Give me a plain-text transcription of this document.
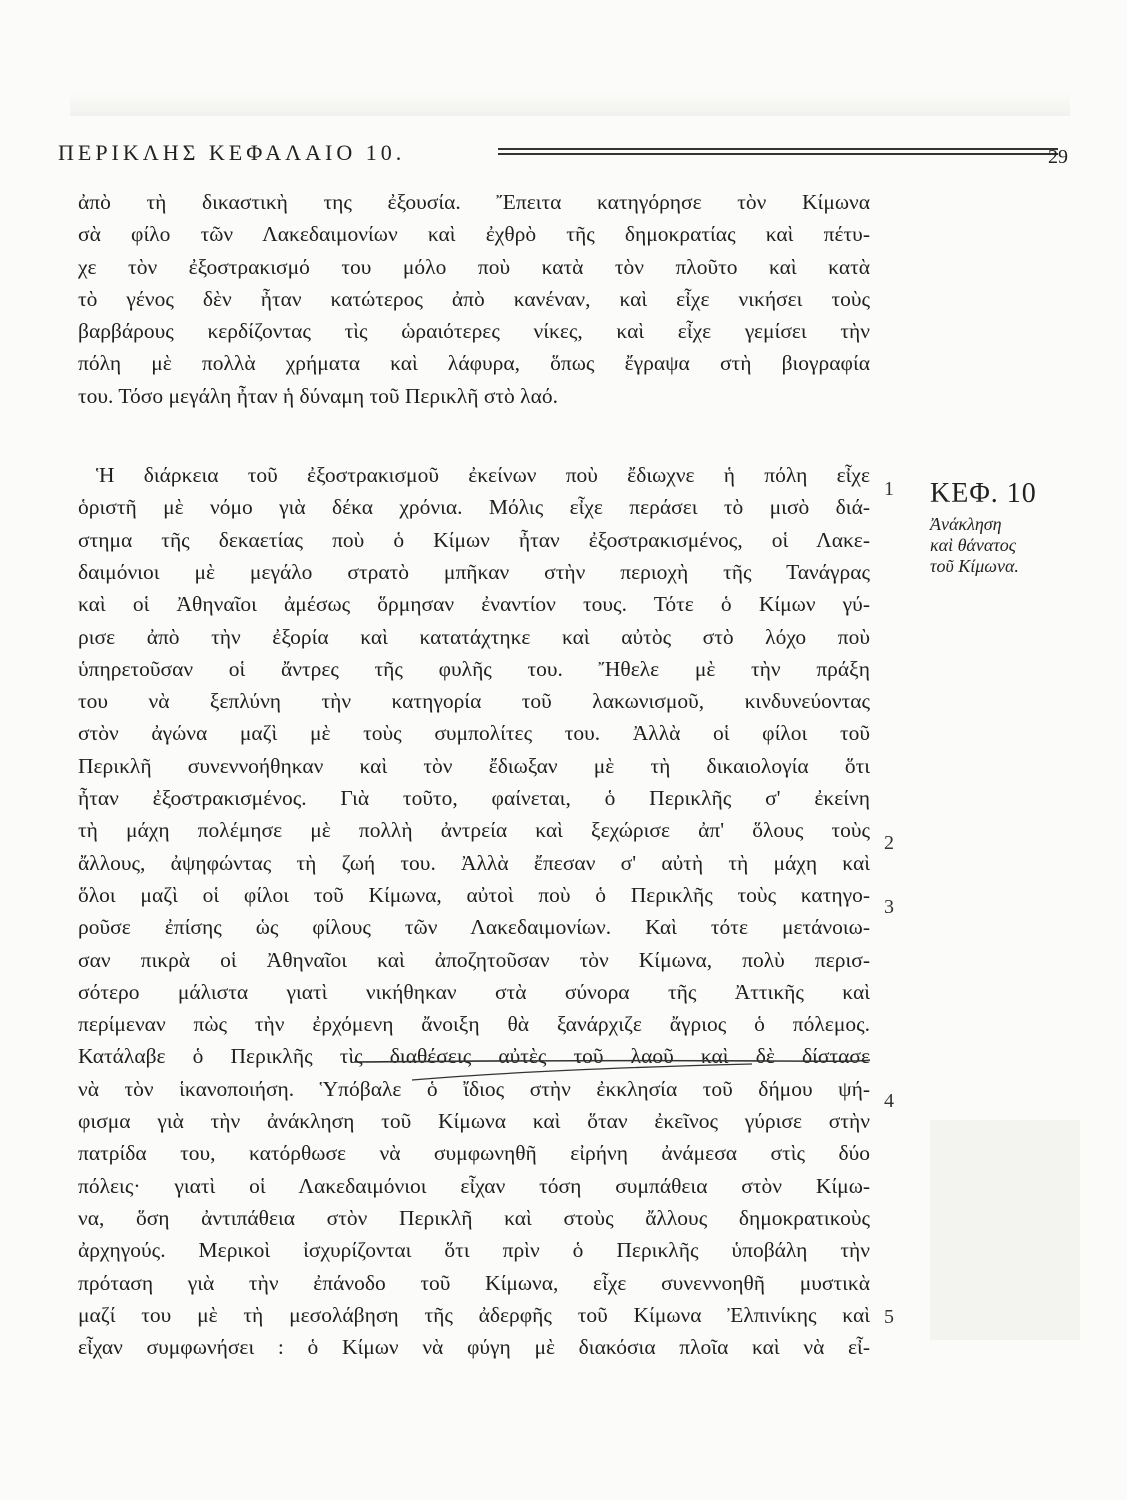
ΠΕΡΙΚΛΗΣ ΚΕΦΑΛΑΙΟ 10.	29
ἀπὸ τὴ δικαστικὴ της ἐξουσία. Ἔπειτα κατηγόρησε τὸν Κίμωνα
σὰ φίλο τῶν Λακεδαιμονίων καὶ ἐχθρὸ τῆς δημοκρατίας καὶ πέτυ-
χε τὸν ἐξοστρακισμό του μόλο ποὺ κατὰ τὸν πλοῦτο καὶ κατὰ
τὸ γένος δὲν ἦταν κατώτερος ἀπὸ κανέναν, καὶ εἶχε νικήσει τοὺς
βαρβάρους κερδίζοντας τὶς ὡραιότερες νίκες, καὶ εἶχε γεμίσει τὴν
πόλη μὲ πολλὰ χρήματα καὶ λάφυρα, ὅπως ἔγραψα στὴ βιογραφία
του. Τόσο μεγάλη ἦταν ἡ δύναμη τοῦ Περικλῆ στὸ λαό.
Ἡ διάρκεια τοῦ ἐξοστρακισμοῦ ἐκείνων ποὺ ἔδιωχνε ἡ πόλη εἶχε
ὁριστῆ μὲ νόμο γιὰ δέκα χρόνια. Μόλις εἶχε περάσει τὸ μισὸ διά-
στημα τῆς δεκαετίας ποὺ ὁ Κίμων ἦταν ἐξοστρακισμένος, οἱ Λακε-
δαιμόνιοι μὲ μεγάλο στρατὸ μπῆκαν στὴν περιοχὴ τῆς Τανάγρας
καὶ οἱ Ἀθηναῖοι ἀμέσως ὅρμησαν ἐναντίον τους. Τότε ὁ Κίμων γύ-
ρισε ἀπὸ τὴν ἐξορία καὶ κατατάχτηκε καὶ αὐτὸς στὸ λόχο ποὺ
ὑπηρετοῦσαν οἱ ἄντρες τῆς φυλῆς του. Ἤθελε μὲ τὴν πράξη
του νὰ ξεπλύνη τὴν κατηγορία τοῦ λακωνισμοῦ, κινδυνεύοντας
στὸν ἀγώνα μαζὶ μὲ τοὺς συμπολίτες του. Ἀλλὰ οἱ φίλοι τοῦ
Περικλῆ συνεννοήθηκαν καὶ τὸν ἔδιωξαν μὲ τὴ δικαιολογία ὅτι
ἦταν ἐξοστρακισμένος. Γιὰ τοῦτο, φαίνεται, ὁ Περικλῆς σ' ἐκείνη
τὴ μάχη πολέμησε μὲ πολλὴ ἀντρεία καὶ ξεχώρισε ἀπ' ὅλους τοὺς
ἄλλους, ἀψηφώντας τὴ ζωή του. Ἀλλὰ ἔπεσαν σ' αὐτὴ τὴ μάχη καὶ
ὅλοι μαζὶ οἱ φίλοι τοῦ Κίμωνα, αὐτοὶ ποὺ ὁ Περικλῆς τοὺς κατηγο-
ροῦσε ἐπίσης ὡς φίλους τῶν Λακεδαιμονίων. Καὶ τότε μετάνοιω-
σαν πικρὰ οἱ Ἀθηναῖοι καὶ ἀποζητοῦσαν τὸν Κίμωνα, πολὺ περισ-
σότερο μάλιστα γιατὶ νικήθηκαν στὰ σύνορα τῆς Ἀττικῆς καὶ
περίμεναν πὼς τὴν ἐρχόμενη ἄνοιξη θὰ ξανάρχιζε ἄγριος ὁ πόλεμος.
Κατάλαβε ὁ Περικλῆς τὶς διαθέσεις αὐτὲς τοῦ λαοῦ καὶ δὲ δίστασε
νὰ τὸν ἱκανοποιήση. Ὑπόβαλε ὁ ἴδιος στὴν ἐκκλησία τοῦ δήμου ψή-
φισμα γιὰ τὴν ἀνάκληση τοῦ Κίμωνα καὶ ὅταν ἐκεῖνος γύρισε στὴν
πατρίδα του, κατόρθωσε νὰ συμφωνηθῆ εἰρήνη ἀνάμεσα στὶς δύο
πόλεις· γιατὶ οἱ Λακεδαιμόνιοι εἶχαν τόση συμπάθεια στὸν Κίμω-
να, ὅση ἀντιπάθεια στὸν Περικλῆ καὶ στοὺς ἄλλους δημοκρατικοὺς
ἀρχηγούς. Μερικοὶ ἰσχυρίζονται ὅτι πρὶν ὁ Περικλῆς ὑποβάλη τὴν
πρόταση γιὰ τὴν ἐπάνοδο τοῦ Κίμωνα, εἶχε συνεννοηθῆ μυστικὰ
μαζί του μὲ τὴ μεσολάβηση τῆς ἀδερφῆς τοῦ Κίμωνα Ἐλπινίκης καὶ
εἶχαν συμφωνήσει : ὁ Κίμων νὰ φύγη μὲ διακόσια πλοῖα καὶ νὰ εἶ-
1
2
3
4
5
ΚΕΦ. 10
Ἀνάκληση
καὶ θάνατος
τοῦ Κίμωνα.
